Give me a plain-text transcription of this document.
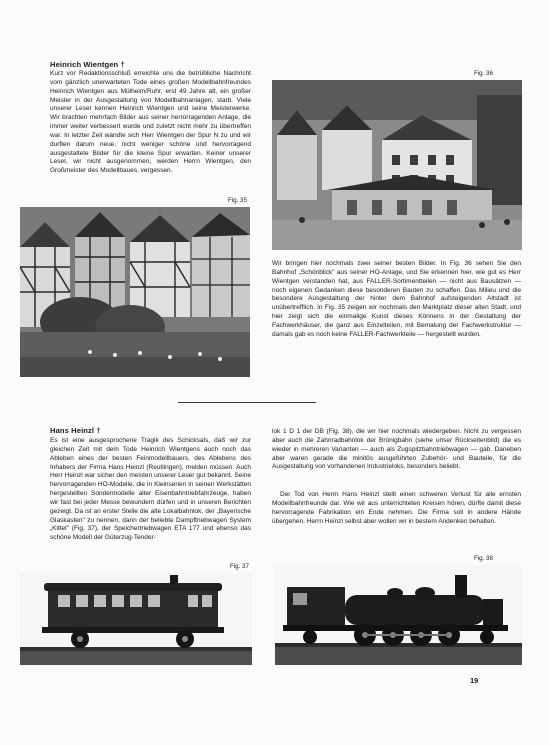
Heinrich Wientgen †

Kurz vor Redaktionsschluß erreichte uns die betrübliche Nachricht vom gänzlich unerwarteten Tode eines großen Modellbahnfreundes Heinrich Wientgen aus Mülheim/Ruhr, erst 49 Jahre alt, ein großer Meister in der Ausgestaltung von Modellbahnanlagen, starb. Viele unserer Leser kennen Heinrich Wientgen und seine Meisterwerke. Wir brachten mehrfach Bilder aus seiner herrorragenden Anlage, die immer weiter verbessert wurde und zuletzt nicht mehr zu übertreffen war. In letzter Zeit wandte sich Herr Wientgen der Spur N zu und wir durften darum neue, nicht weniger schöne und hervorragend ausgestaltete Bilder für die kleine Spur erwarten. Keiner unserer Leser, wir nicht ausgenommen, werden Herrn Wientgen, den Großmeister des Modellbaues, vergessen.

Fig. 35
Fig. 36

Wir bringen hier nochmals zwei seiner besten Bilder. In Fig. 36 sehen Sie den Bahnhof „Schönblick" aus seiner HO-Anlage, und Sie erkennen hier, wie gut es Herr Wientgen verstanden hat, aus FALLER-Sortimentteilen — nicht aus Bausätzen — noch eigenen Gedanken diese besonderen Bauten zu schaffen. Das Milieu und die besondere Ausgestaltung der hinter dem Bahnhof aufsteigenden Altstadt ist unübertrefflich. In Fig. 35 zeigen wir nochmals den Marktplatz dieser alten Stadt, und hier zeigt sich die einmalige Kunst dieses Könnens in der Gestaltung der Fachwerkhäuser, die ganz aus Einzelteilen, mit Bemalung der Fachwerkstruktur — damals gab es noch keine FALLER-Fachwerkteile — hergestellt wurden.

Hans Heinzl †

Es ist eine ausgesprochene Tragik des Schicksals, daß wir zur gleichen Zeit mit dem Tode Heinrich Wientgens auch noch das Ableben eines der besten Feinmodellbauers, des Ablebens des Inhabers der Firma Hans Heinzl (Reutlingen), melden müssen. Auch Herr Heinzl war sicher den meisten unserer Leser gut bekannt. Seine hervorragenden HO-Modelle, die in Kleinserien in seinen Werkstätten hergestellten Sondermodelle alter Eisenbahntriebfahrzeuge, haben wir fast bei jeder Messe bewundern dürfen und in unseren Berichten gezeigt. Da ist an erster Stelle die alte Lokalbahnlok, der „Bayerische Glaskasten" zu nennen, dann der beliebte Dampftriebwagen System „Kittel" (Fig. 37), der Speichertriebwagen ETA 177 und ebenso das schöne Modell der Güterzug-Tender-

lok 1 D 1 der DB (Fig. 38), die wir hier nochmals wiedergeben. Nicht zu vergessen aber auch die Zahnradbahnlok der Brünigbahn (siehe unser Rückseitenbild) die es wieder in mehreren Varianten — auch als Zugspitzbahntriebwagen — gab. Daneben aber waren gerade die minitös ausgeführten Zubehör- und Bauteile, für die Ausgestaltung von vorhandenen Industrieloks, besonders beliebt.

Der Tod von Herrn Hans Heinzl stellt einen schweren Verlust für alle ernsten Modellbahnfreunde dar. Wie wir aus unterrichteten Kreisen hören, dürfte damit diese hervorragende Fabrikation ein Ende nehmen. Die Firma soll in andere Hände übergehen. Herrn Heinzl selbst aber wollen wir in bestem Andenken behalten.

Fig. 37
Fig. 38
19
